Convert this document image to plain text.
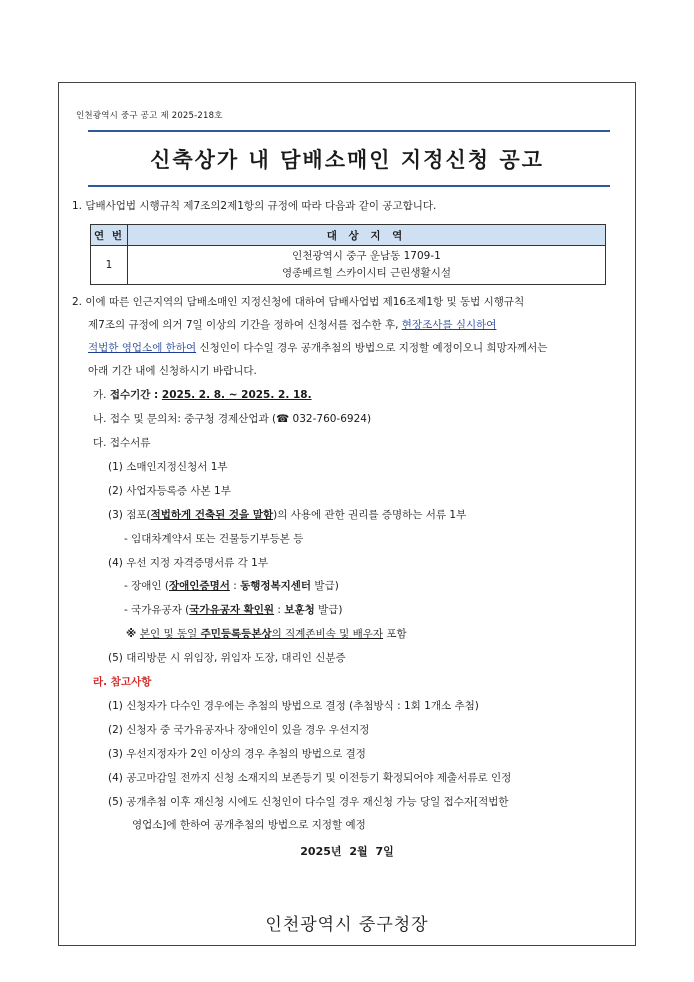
인천광역시 중구 공고 제 2025-218호
신축상가 내 담배소매인 지정신청 공고
1. 담배사업법 시행규칙 제7조의2제1항의 규정에 따라 다음과 같이 공고합니다.
연 번	대 상 지 역
1	인천광역시 중구 운남동 1709-1
영종베르힐 스카이시티 근린생활시설
2. 이에 따른 인근지역의 담배소매인 지정신청에 대하여 담배사업법 제16조제1항 및 동법 시행규칙
제7조의 규정에 의거 7일 이상의 기간을 정하여 신청서를 접수한 후, 현장조사를 실시하여
적법한 영업소에 한하여 신청인이 다수일 경우 공개추첨의 방법으로 지정할 예정이오니 희망자께서는
아래 기간 내에 신청하시기 바랍니다.
가. 접수기간 : 2025. 2. 8. ~ 2025. 2. 18.
나. 접수 및 문의처: 중구청 경제산업과 (☎ 032-760-6924)
다. 접수서류
(1) 소매인지정신청서 1부
(2) 사업자등록증 사본 1부
(3) 점포(적법하게 건축된 것을 말함)의 사용에 관한 권리를 증명하는 서류 1부
- 임대차계약서 또는 건물등기부등본 등
(4) 우선 지정 자격증명서류 각 1부
- 장애인 (장애인증명서 : 동행정복지센터 발급)
- 국가유공자 (국가유공자 확인원 : 보훈청 발급)
※ 본인 및 동일 주민등록등본상의 직계존비속 및 배우자 포함
(5) 대리방문 시 위임장, 위임자 도장, 대리인 신분증
라. 참고사항
(1) 신청자가 다수인 경우에는 추첨의 방법으로 결정 (추첨방식 : 1회 1개소 추첨)
(2) 신청자 중 국가유공자나 장애인이 있을 경우 우선지정
(3) 우선지정자가 2인 이상의 경우 추첨의 방법으로 결정
(4) 공고마감일 전까지 신청 소재지의 보존등기 및 이전등기 확정되어야 제출서류로 인정
(5) 공개추첨 이후 재신청 시에도 신청인이 다수일 경우 재신청 가능 당일 접수자[적법한
영업소]에 한하여 공개추첨의 방법으로 지정할 예정
2025년 2월 7일
인천광역시 중구청장
